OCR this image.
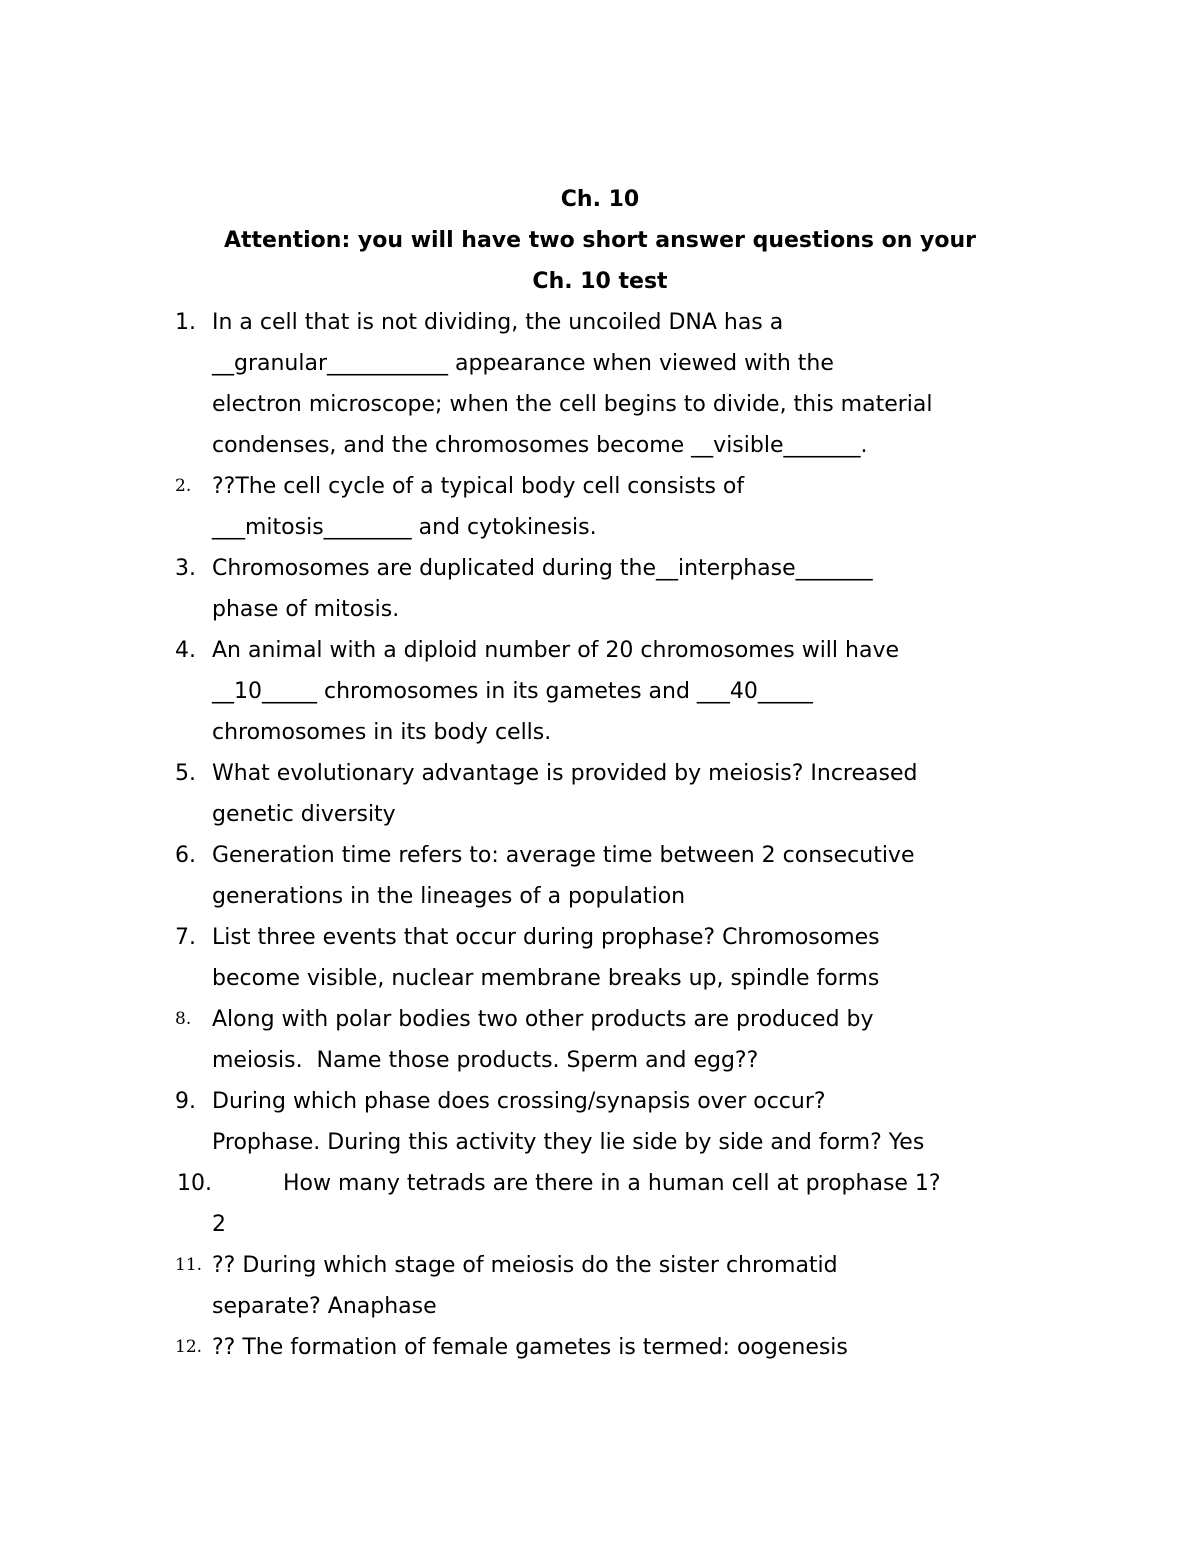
Ch. 10
Attention: you will have two short answer questions on your
Ch. 10 test
1. In a cell that is not dividing, the uncoiled DNA has a
__granular___________ appearance when viewed with the
electron microscope; when the cell begins to divide, this material
condenses, and the chromosomes become __visible_______.
2. ??The cell cycle of a typical body cell consists of
___mitosis________ and cytokinesis.
3. Chromosomes are duplicated during the__interphase_______
phase of mitosis.
4. An animal with a diploid number of 20 chromosomes will have
__10_____ chromosomes in its gametes and ___40_____
chromosomes in its body cells.
5. What evolutionary advantage is provided by meiosis? Increased
genetic diversity
6. Generation time refers to: average time between 2 consecutive
generations in the lineages of a population
7. List three events that occur during prophase? Chromosomes
become visible, nuclear membrane breaks up, spindle forms
8. Along with polar bodies two other products are produced by
meiosis.  Name those products. Sperm and egg??
9. During which phase does crossing/synapsis over occur?
Prophase. During this activity they lie side by side and form? Yes
10.	How many tetrads are there in a human cell at prophase 1?
2
11. ?? During which stage of meiosis do the sister chromatid
separate? Anaphase
12. ?? The formation of female gametes is termed: oogenesis
